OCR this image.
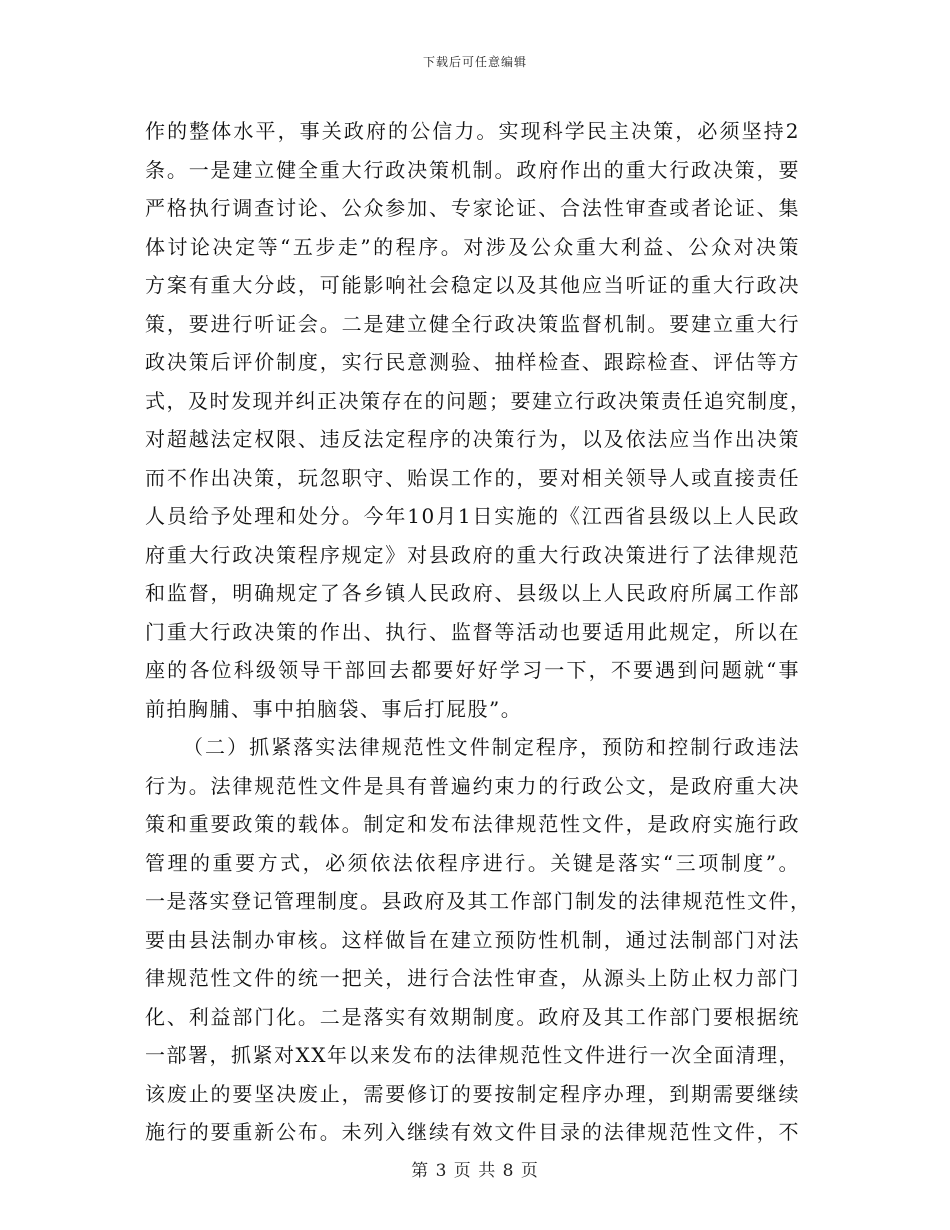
下载后可任意编辑
作的整体水平，事关政府的公信力。实现科学民主决策，必须坚持2
条。一是建立健全重大行政决策机制。政府作出的重大行政决策，要
严格执行调查讨论、公众参加、专家论证、合法性审查或者论证、集
体讨论决定等“五步走”的程序。对涉及公众重大利益、公众对决策
方案有重大分歧，可能影响社会稳定以及其他应当听证的重大行政决
策，要进行听证会。二是建立健全行政决策监督机制。要建立重大行
政决策后评价制度，实行民意测验、抽样检查、跟踪检查、评估等方
式，及时发现并纠正决策存在的问题；要建立行政决策责任追究制度，
对超越法定权限、违反法定程序的决策行为，以及依法应当作出决策
而不作出决策，玩忽职守、贻误工作的，要对相关领导人或直接责任
人员给予处理和处分。今年10月1日实施的《江西省县级以上人民政
府重大行政决策程序规定》对县政府的重大行政决策进行了法律规范
和监督，明确规定了各乡镇人民政府、县级以上人民政府所属工作部
门重大行政决策的作出、执行、监督等活动也要适用此规定，所以在
座的各位科级领导干部回去都要好好学习一下，不要遇到问题就“事
前拍胸脯、事中拍脑袋、事后打屁股”。
（二）抓紧落实法律规范性文件制定程序，预防和控制行政违法
行为。法律规范性文件是具有普遍约束力的行政公文，是政府重大决
策和重要政策的载体。制定和发布法律规范性文件，是政府实施行政
管理的重要方式，必须依法依程序进行。关键是落实“三项制度”。
一是落实登记管理制度。县政府及其工作部门制发的法律规范性文件，
要由县法制办审核。这样做旨在建立预防性机制，通过法制部门对法
律规范性文件的统一把关，进行合法性审查，从源头上防止权力部门
化、利益部门化。二是落实有效期制度。政府及其工作部门要根据统
一部署，抓紧对XX年以来发布的法律规范性文件进行一次全面清理，
该废止的要坚决废止，需要修订的要按制定程序办理，到期需要继续
施行的要重新公布。未列入继续有效文件目录的法律规范性文件，不
第 3 页 共 8 页
